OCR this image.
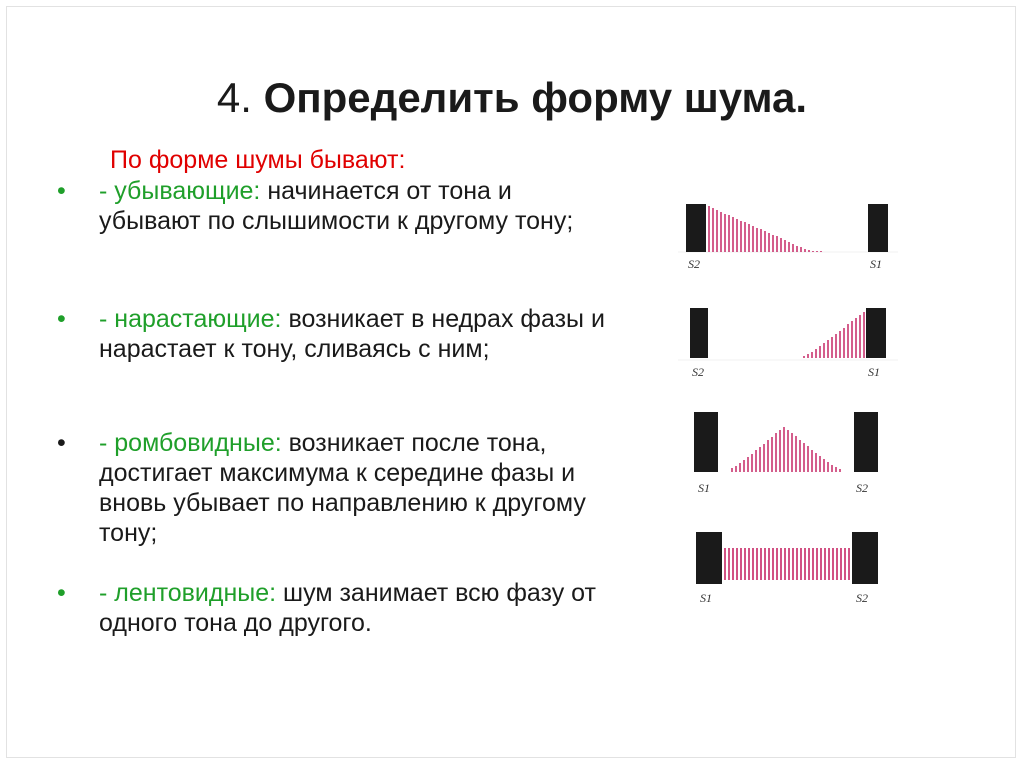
4. Определить форму шума.
По форме шумы бывают:
•	- убывающие: начинается от тона и убывают по слышимости к другому тону;
•	- нарастающие: возникает в недрах фазы и нарастает к тону, сливаясь с ним;
•	- ромбовидные: возникает после тона, достигает максимума к середине фазы и вновь убывает по направлению к другому тону;
•	- лентовидные: шум занимает всю фазу от одного тона до другого.
S2	S1
S2	S1
S1	S2
S1	S2
